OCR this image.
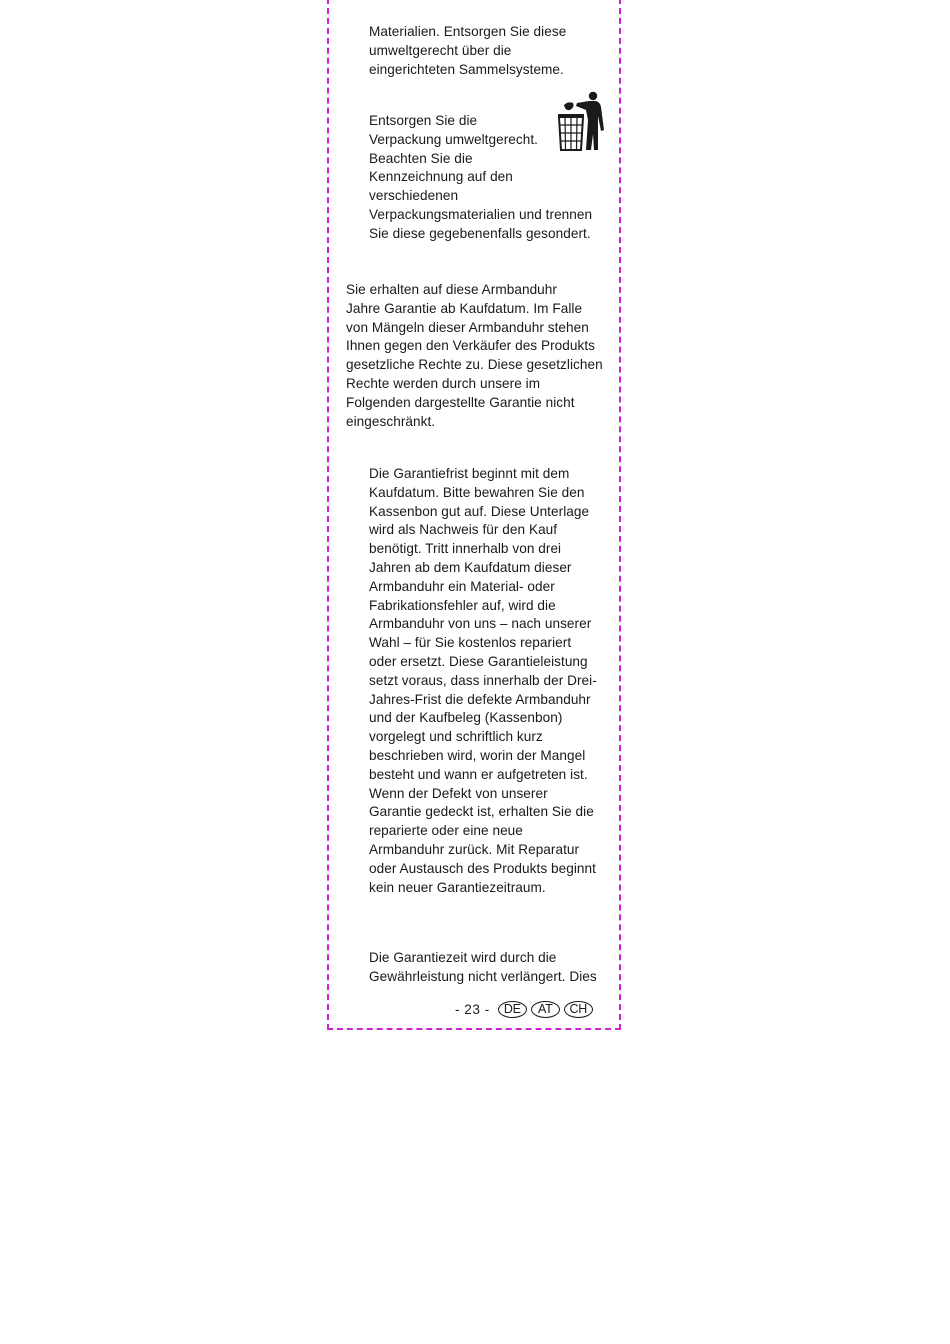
Materialien. Entsorgen Sie diese
umweltgerecht über die
eingerichteten Sammelsysteme.

Entsorgen Sie die
Verpackung umweltgerecht.
Beachten Sie die
Kennzeichnung auf den
verschiedenen
Verpackungsmaterialien und trennen
Sie diese gegebenenfalls gesondert.

Sie erhalten auf diese Armbanduhr
Jahre Garantie ab Kaufdatum. Im Falle
von Mängeln dieser Armbanduhr stehen
Ihnen gegen den Verkäufer des Produkts
gesetzliche Rechte zu. Diese gesetzlichen
Rechte werden durch unsere im
Folgenden dargestellte Garantie nicht
eingeschränkt.

Die Garantiefrist beginnt mit dem
Kaufdatum. Bitte bewahren Sie den
Kassenbon gut auf. Diese Unterlage
wird als Nachweis für den Kauf
benötigt. Tritt innerhalb von drei
Jahren ab dem Kaufdatum dieser
Armbanduhr ein Material- oder
Fabrikationsfehler auf, wird die
Armbanduhr von uns – nach unserer
Wahl – für Sie kostenlos repariert
oder ersetzt. Diese Garantieleistung
setzt voraus, dass innerhalb der Drei-
Jahres-Frist die defekte Armbanduhr
und der Kaufbeleg (Kassenbon)
vorgelegt und schriftlich kurz
beschrieben wird, worin der Mangel
besteht und wann er aufgetreten ist.
Wenn der Defekt von unserer
Garantie gedeckt ist, erhalten Sie die
reparierte oder eine neue
Armbanduhr zurück. Mit Reparatur
oder Austausch des Produkts beginnt
kein neuer Garantiezeitraum.

Die Garantiezeit wird durch die
Gewährleistung nicht verlängert. Dies

- 23 -	DE	AT	CH
